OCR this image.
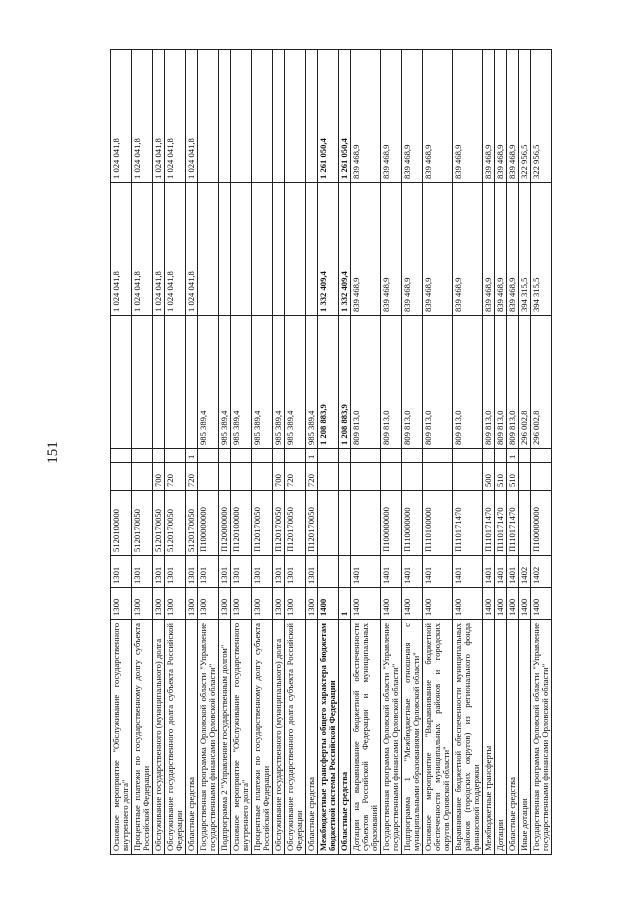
151
Основное мероприятие "Обслуживание государственного внутреннего долга"	1300	1301	5120100000				1 024 041,8	1 024 041,8
Процентные платежи по государственному долгу субъекта Российской Федерации	1300	1301	5120170050				1 024 041,8	1 024 041,8
Обслуживание государственного (муниципального) долга	1300	1301	5120170050	700			1 024 041,8	1 024 041,8
Обслуживание государственного долга субъекта Российской Федерации	1300	1301	5120170050	720			1 024 041,8	1 024 041,8
Областные средства	1300	1301	5120170050	720	1		1 024 041,8	1 024 041,8
Государственная программа Орловской области "Управление государственными финансами Орловской области"	1300	1301	П100000000			985 389,4		
Подпрограмма 2 "Управление государственным долгом"	1300	1301	П120000000			985 389,4		
Основное мероприятие "Обслуживание государственного внутреннего долга"	1300	1301	П120100000			985 389,4		
Процентные платежи по государственному долгу субъекта Российской Федерации	1300	1301	П120170050			985 389,4		
Обслуживание государственного (муниципального) долга	1300	1301	П120170050	700		985 389,4		
Обслуживание государственного долга субъекта Российской Федерации	1300	1301	П120170050	720		985 389,4		
Областные средства	1300	1301	П120170050	720	1	985 389,4		
Межбюджетные трансферты общего характера бюджетам бюджетной системы Российской Федерации	1400					1 208 883,9	1 332 409,4	1 261 050,4
Областные средства	1					1 208 883,9	1 332 409,4	1 261 050,4
Дотации на выравнивание бюджетной обеспеченности субъектов Российской Федерации и муниципальных образований	1400	1401				809 813,0	839 468,9	839 468,9
Государственная программа Орловской области "Управление государственными финансами Орловской области"	1400	1401	П100000000			809 813,0	839 468,9	839 468,9
Подпрограмма 1 "Межбюджетные отношения с муниципальными образованиями Орловской области"	1400	1401	П110000000			809 813,0	839 468,9	839 468,9
Основное мероприятие "Выравнивание бюджетной обеспеченности муниципальных районов и городских округов Орловской области"	1400	1401	П110100000			809 813,0	839 468,9	839 468,9
Выравнивание бюджетной обеспеченности муниципальных районов (городских округов) из регионального фонда финансовой поддержки	1400	1401	П110171470			809 813,0	839 468,9	839 468,9
Межбюджетные трансферты	1400	1401	П110171470	500		809 813,0	839 468,9	839 468,9
Дотации	1400	1401	П110171470	510		809 813,0	839 468,9	839 468,9
Областные средства	1400	1401	П110171470	510	1	809 813,0	839 468,9	839 468,9
Иные дотации	1400	1402				296 002,8	394 315,5	322 956,5
Государственная программа Орловской области "Управление государственными финансами Орловской области"	1400	1402	П100000000			296 002,8	394 315,5	322 956,5
